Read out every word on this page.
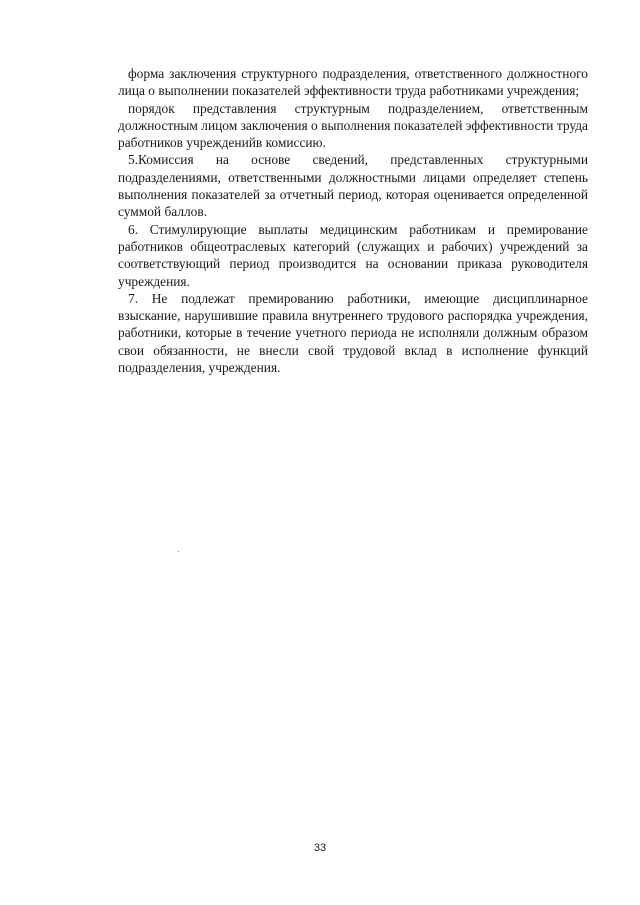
форма заключения структурного подразделения, ответственного должностного лица о выполнении показателей эффективности труда работниками учреждения;

порядок представления структурным подразделением, ответственным должностным лицом заключения о выполнения показателей эффективности труда работников учрежденийв комиссию.

5.Комиссия на основе сведений, представленных структурными подразделениями, ответственными должностными лицами определяет степень выполнения показателей за отчетный период, которая оценивается определенной суммой баллов.

6. Стимулирующие выплаты медицинским работникам и премирование работников общеотраслевых категорий (служащих и рабочих) учреждений за соответствующий период производится на основании приказа руководителя учреждения.

7. Не подлежат премированию работники, имеющие дисциплинарное взыскание, нарушившие правила внутреннего трудового распорядка учреждения, работники, которые в течение учетного периода не исполняли должным образом свои обязанности, не внесли свой трудовой вклад в исполнение функций подразделения, учреждения.

33
